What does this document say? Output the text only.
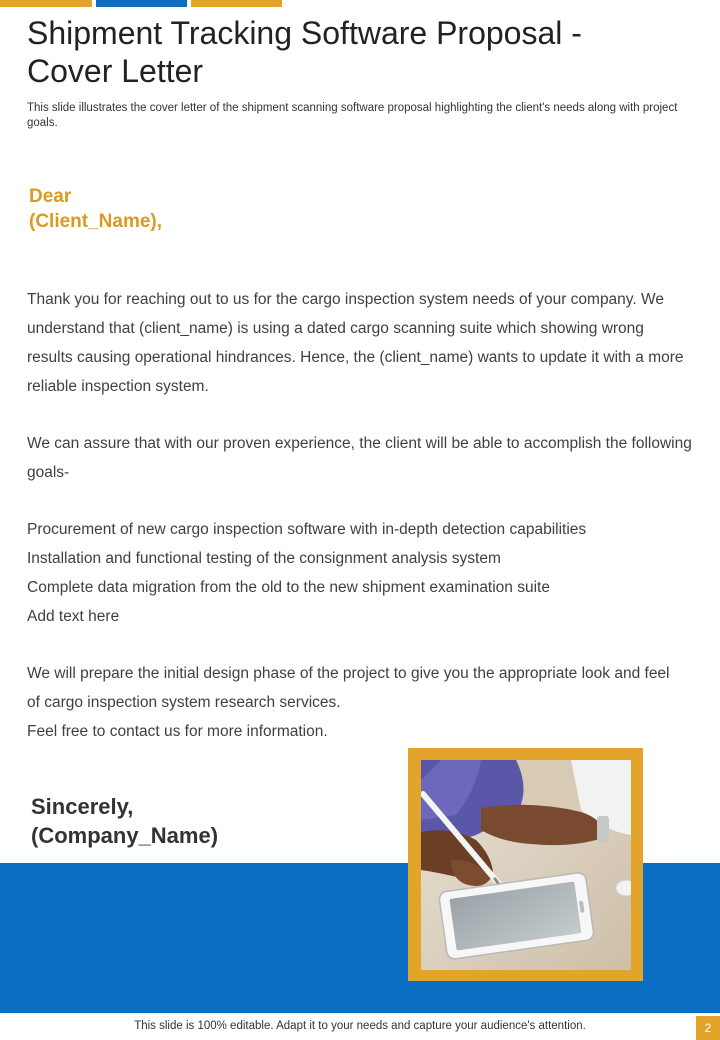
Shipment Tracking Software Proposal -
Cover Letter
This slide illustrates the cover letter of the shipment scanning software proposal highlighting the client's needs along with project goals.
Dear
(Client_Name),
Thank you for reaching out to us for the cargo inspection system needs of your company. We understand that (client_name) is using a dated cargo scanning suite which showing wrong results causing operational hindrances. Hence, the (client_name) wants to update it with a more reliable inspection system.
We can assure that with our proven experience, the client will be able to accomplish the following goals-
Procurement of new cargo inspection software with in-depth detection capabilities
Installation and functional testing of the consignment analysis system
Complete data migration from the old to the new shipment examination suite
Add text here
We will prepare the initial design phase of the project to give you the appropriate look and feel
of cargo inspection system research services.
Feel free to contact us for more information.
Sincerely,
(Company_Name)
This slide is 100% editable. Adapt it to your needs and capture your audience's attention.	2
